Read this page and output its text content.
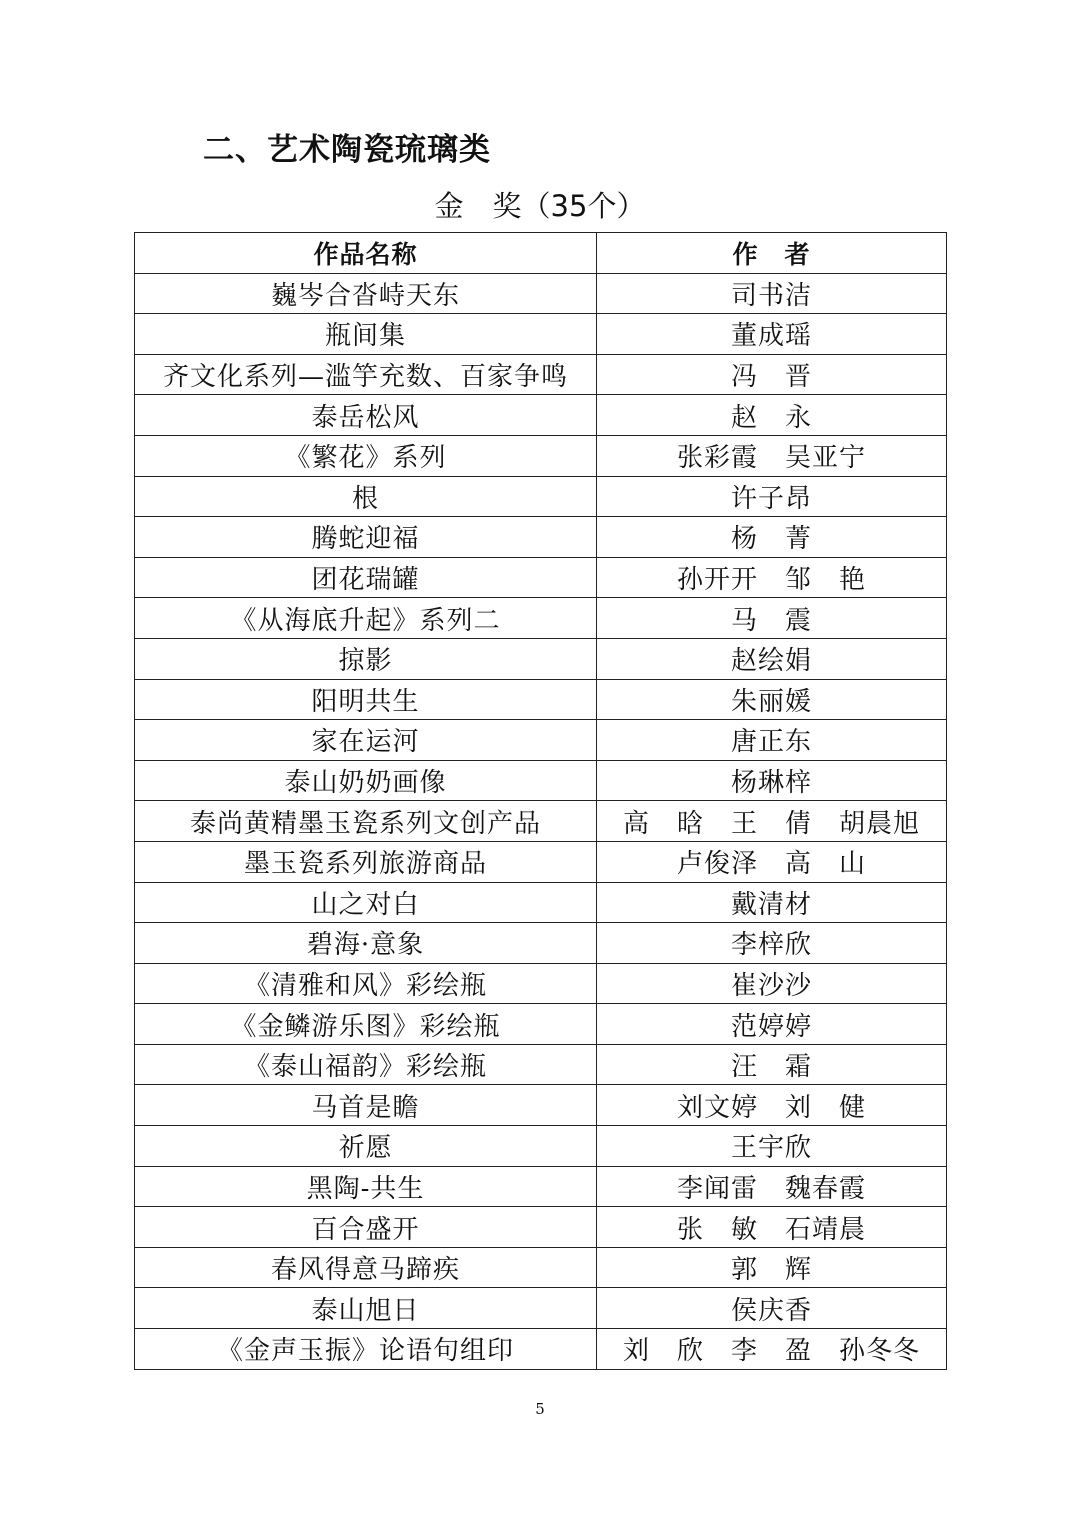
二、艺术陶瓷琉璃类
金　奖（35个）
作品名称	作　者
巍岑合沓峙天东	司书洁
瓶间集	董成瑶
齐文化系列—滥竽充数、百家争鸣	冯　晋
泰岳松风	赵　永
《繁花》系列	张彩霞　吴亚宁
根	许子昂
腾蛇迎福	杨　菁
团花瑞罐	孙开开　邹　艳
《从海底升起》系列二	马　震
掠影	赵绘娟
阳明共生	朱丽媛
家在运河	唐正东
泰山奶奶画像	杨琳梓
泰尚黄精墨玉瓷系列文创产品	高　晗　王　倩　胡晨旭
墨玉瓷系列旅游商品	卢俊泽　高　山
山之对白	戴清材
碧海·意象	李梓欣
《清雅和风》彩绘瓶	崔沙沙
《金鳞游乐图》彩绘瓶	范婷婷
《泰山福韵》彩绘瓶	汪　霜
马首是瞻	刘文婷　刘　健
祈愿	王宇欣
黑陶-共生	李闻雷　魏春霞
百合盛开	张　敏　石靖晨
春风得意马蹄疾	郭　辉
泰山旭日	侯庆香
《金声玉振》论语句组印	刘　欣　李　盈　孙冬冬
5
